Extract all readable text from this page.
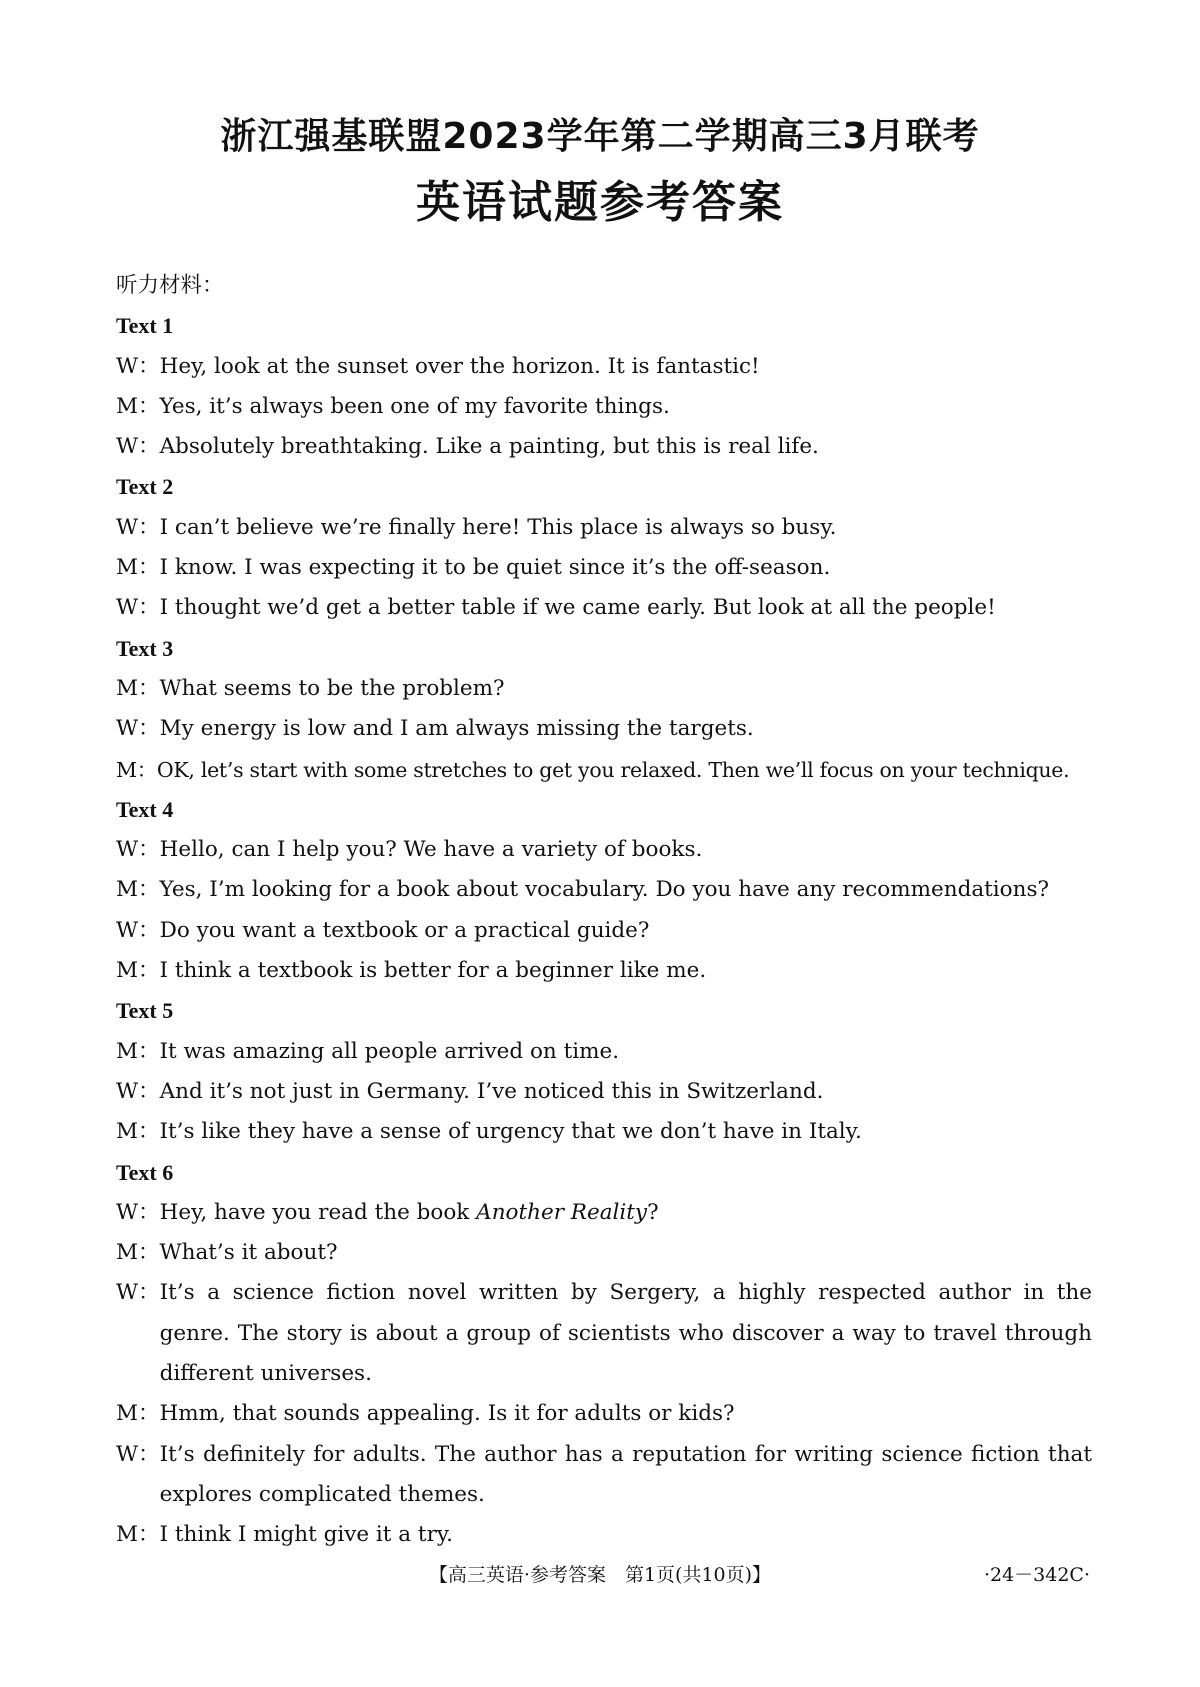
浙江强基联盟2023学年第二学期高三3月联考
英语试题参考答案
听力材料：
Text 1
W： Hey, look at the sunset over the horizon. It is fantastic!
M： Yes, it’s always been one of my favorite things.
W： Absolutely breathtaking. Like a painting, but this is real life.
Text 2
W： I can’t believe we’re finally here! This place is always so busy.
M： I know. I was expecting it to be quiet since it’s the off-season.
W： I thought we’d get a better table if we came early. But look at all the people!
Text 3
M： What seems to be the problem?
W： My energy is low and I am always missing the targets.
M： OK, let’s start with some stretches to get you relaxed. Then we’ll focus on your technique.
Text 4
W： Hello, can I help you? We have a variety of books.
M： Yes, I’m looking for a book about vocabulary. Do you have any recommendations?
W： Do you want a textbook or a practical guide?
M： I think a textbook is better for a beginner like me.
Text 5
M： It was amazing all people arrived on time.
W： And it’s not just in Germany. I’ve noticed this in Switzerland.
M： It’s like they have a sense of urgency that we don’t have in Italy.
Text 6
W： Hey, have you read the book Another Reality?
M： What’s it about?
W： It’s a science fiction novel written by Sergery, a highly respected author in the genre. The story is about a group of scientists who discover a way to travel through different universes.
M： Hmm, that sounds appealing. Is it for adults or kids?
W： It’s definitely for adults. The author has a reputation for writing science fiction that explores complicated themes.
M： I think I might give it a try.
【高三英语·参考答案　第1页(共10页)】	·24－342C·
